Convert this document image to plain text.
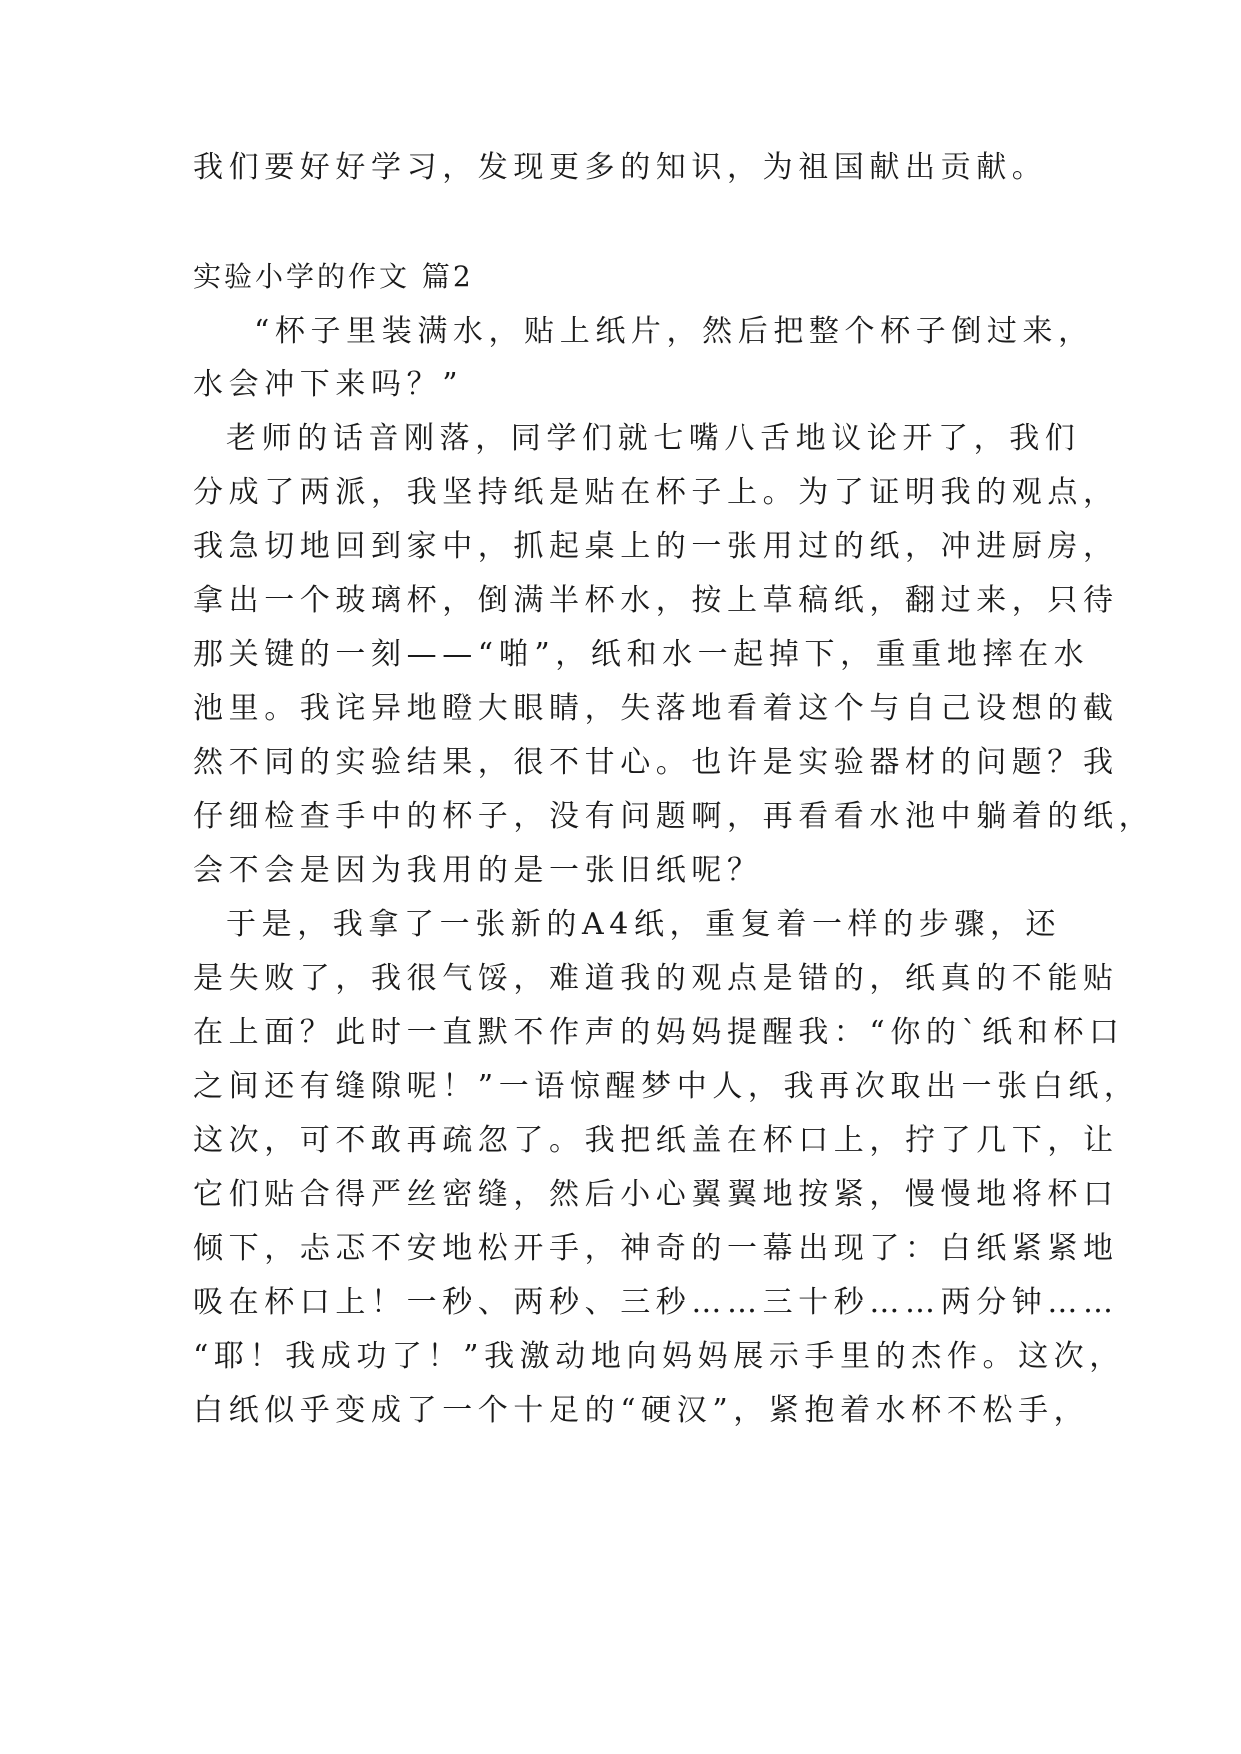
我们要好好学习，发现更多的知识，为祖国献出贡献。
实验小学的作文 篇2
“杯子里装满水，贴上纸片，然后把整个杯子倒过来，
水会冲下来吗？”
老师的话音刚落，同学们就七嘴八舌地议论开了，我们
分成了两派，我坚持纸是贴在杯子上。为了证明我的观点，
我急切地回到家中，抓起桌上的一张用过的纸，冲进厨房，
拿出一个玻璃杯，倒满半杯水，按上草稿纸，翻过来，只待
那关键的一刻——“啪”，纸和水一起掉下，重重地摔在水
池里。我诧异地瞪大眼睛，失落地看着这个与自己设想的截
然不同的实验结果，很不甘心。也许是实验器材的问题？我
仔细检查手中的杯子，没有问题啊，再看看水池中躺着的纸，
会不会是因为我用的是一张旧纸呢？
于是，我拿了一张新的A4纸，重复着一样的步骤，还
是失败了，我很气馁，难道我的观点是错的，纸真的不能贴
在上面？此时一直默不作声的妈妈提醒我：“你的`纸和杯口
之间还有缝隙呢！”一语惊醒梦中人，我再次取出一张白纸，
这次，可不敢再疏忽了。我把纸盖在杯口上，拧了几下，让
它们贴合得严丝密缝，然后小心翼翼地按紧，慢慢地将杯口
倾下，忐忑不安地松开手，神奇的一幕出现了：白纸紧紧地
吸在杯口上！一秒、两秒、三秒……三十秒……两分钟……
“耶！我成功了！”我激动地向妈妈展示手里的杰作。这次，
白纸似乎变成了一个十足的“硬汉”，紧抱着水杯不松手，
